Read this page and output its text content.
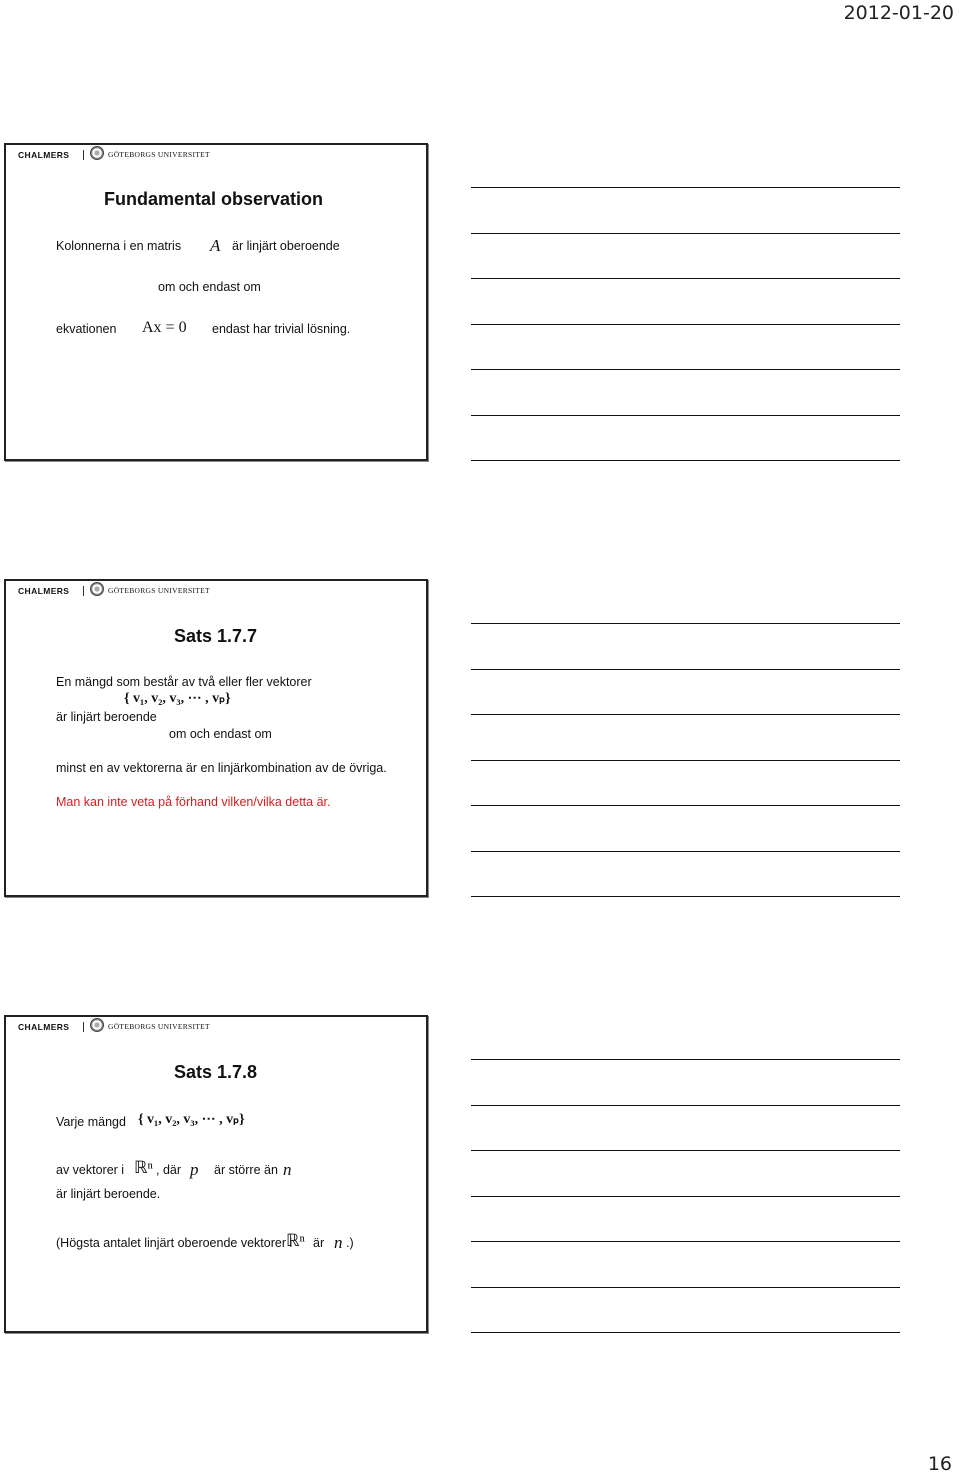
2012-01-20
CHALMERS	GÖTEBORGS UNIVERSITET
Fundamental observation
Kolonnerna i en matris A är linjärt oberoende
om och endast om
ekvationen Ax = 0 endast har trivial lösning.
CHALMERS	GÖTEBORGS UNIVERSITET
Sats 1.7.7
En mängd som består av två eller fler vektorer
{ v₁, v₂, v₃, ⋯ , vₚ}
är linjärt beroende
om och endast om
minst en av vektorerna är en linjärkombination av de övriga.
Man kan inte veta på förhand vilken/vilka detta är.
CHALMERS	GÖTEBORGS UNIVERSITET
Sats 1.7.8
Varje mängd { v₁, v₂, v₃, ⋯ , vₚ}
av vektorer i ℝⁿ , där p är större än n
är linjärt beroende.
(Högsta antalet linjärt oberoende vektorer i
ℝⁿ är n .)
16
